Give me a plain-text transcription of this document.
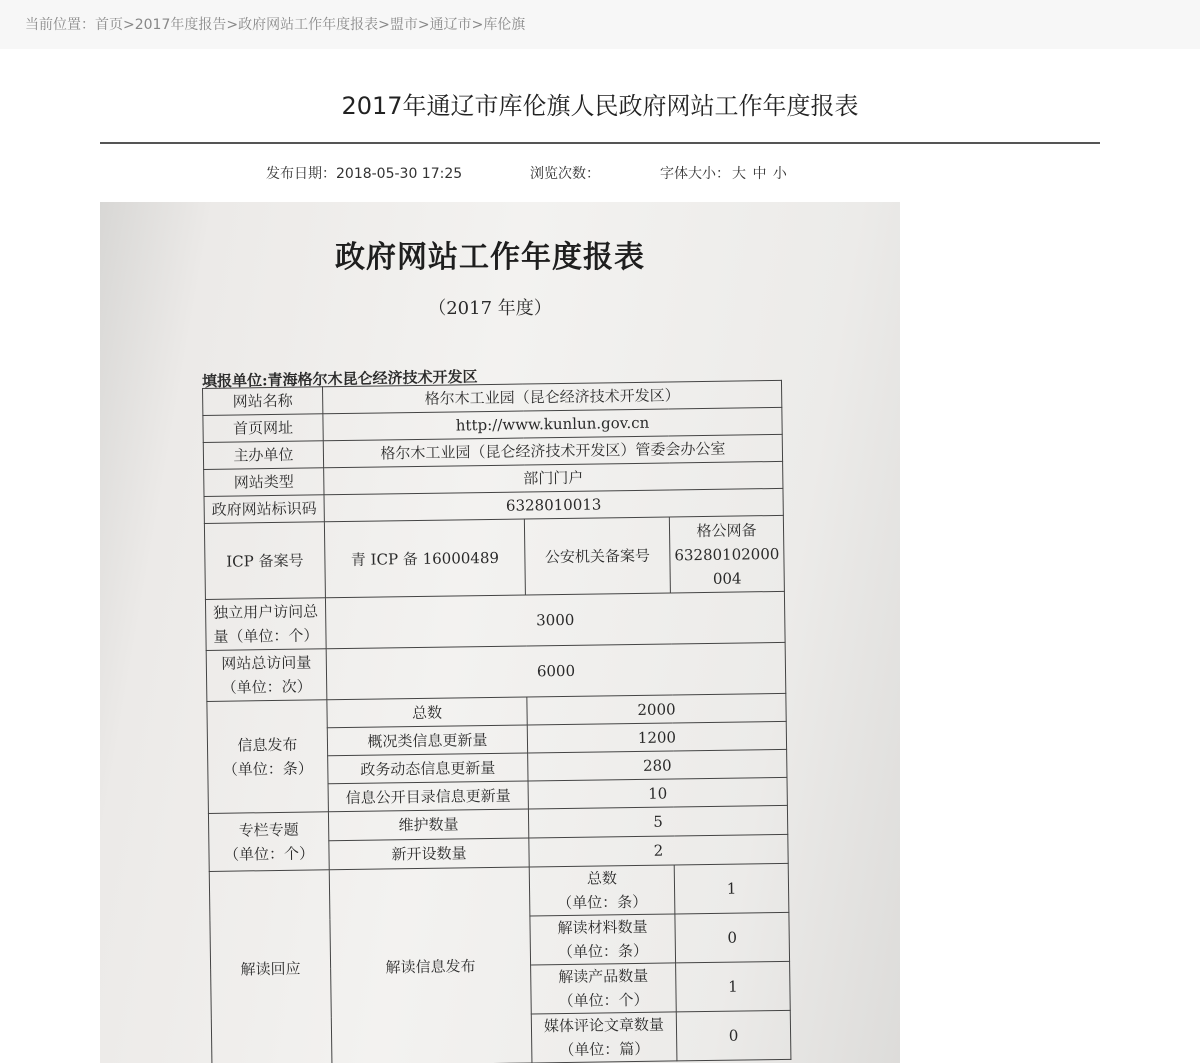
当前位置：首页>2017年度报告>政府网站工作年度报表>盟市>通辽市>库伦旗
2017年通辽市库伦旗人民政府网站工作年度报表
发布日期：2018-05-30 17:25	浏览次数：	字体大小： 大 中 小
政府网站工作年度报表
（2017 年度）
填报单位:青海格尔木昆仑经济技术开发区
网站名称	格尔木工业园（昆仑经济技术开发区）		
首页网址	http://www.kunlun.gov.cn		
主办单位	格尔木工业园（昆仑经济技术开发区）管委会办公室		
网站类型	部门门户		
政府网站标识码	6328010013		
ICP 备案号	青 ICP 备 16000489	公安机关备案号	格公网备
63280102000
004

独立用户访问总
量（单位：个）	3000		

网站总访问量
（单位：次）	6000		

信息发布
（单位：条）	总数	2000	
	概况类信息更新量	1200	
	政务动态信息更新量	280	
	信息公开目录信息更新量	10	

专栏专题
（单位：个）	维护数量	5	
	新开设数量	2	
解读回应	解读信息发布	总数
（单位：条）	1

		解读材料数量
（单位：条）	0

		解读产品数量
（单位：个）	1

		媒体评论文章数量
（单位：篇）	0
